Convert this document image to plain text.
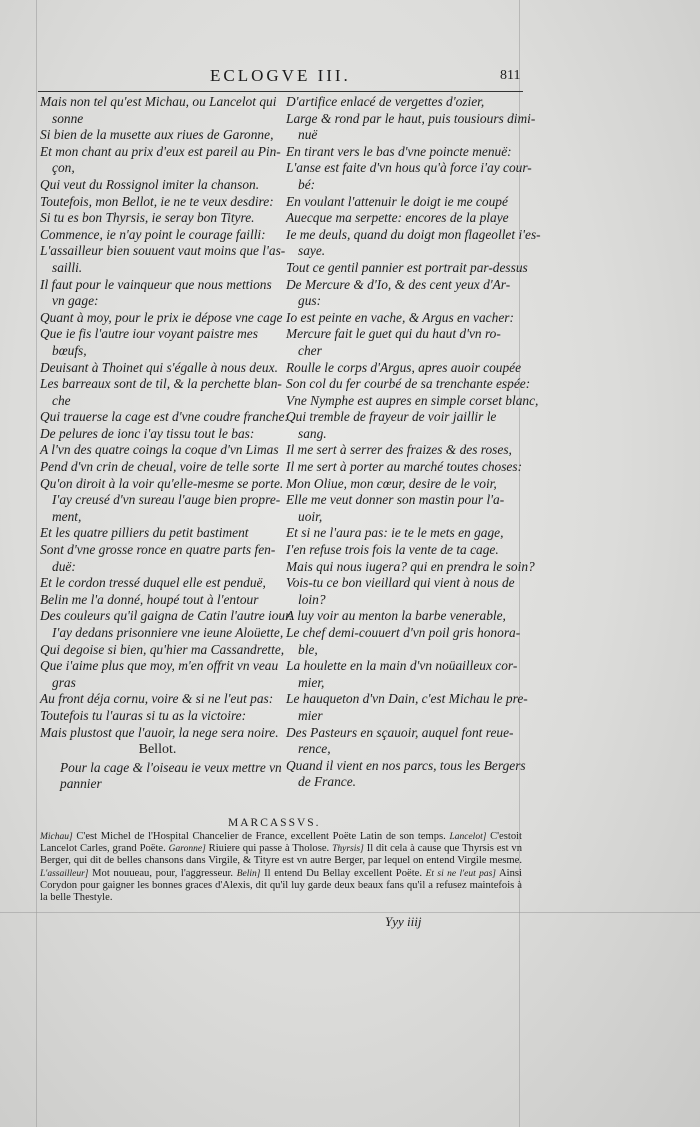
ECLOGVE III.	811
Mais non tel qu'est Michau, ou Lancelot qui
sonne
Si bien de la musette aux riues de Garonne,
Et mon chant au prix d'eux est pareil au Pin-
çon,
Qui veut du Rossignol imiter la chanson.
Toutefois, mon Bellot, ie ne te veux desdire:
Si tu es bon Thyrsis, ie seray bon Tityre.
Commence, ie n'ay point le courage failli:
L'assailleur bien souuent vaut moins que l'as-
sailli.
Il faut pour le vainqueur que nous mettions
vn gage:
Quant à moy, pour le prix ie dépose vne cage
Que ie fis l'autre iour voyant paistre mes
bœufs,
Deuisant à Thoinet qui s'égalle à nous deux.
Les barreaux sont de til, & la perchette blan-
che
Qui trauerse la cage est d'vne coudre franche:
De pelures de ionc i'ay tissu tout le bas:
A l'vn des quatre coings la coque d'vn Limas
Pend d'vn crin de cheual, voire de telle sorte
Qu'on diroit à la voir qu'elle-mesme se porte.
I'ay creusé d'vn sureau l'auge bien propre-
ment,
Et les quatre pilliers du petit bastiment
Sont d'vne grosse ronce en quatre parts fen-
duë:
Et le cordon tressé duquel elle est penduë,
Belin me l'a donné, houpé tout à l'entour
Des couleurs qu'il gaigna de Catin l'autre iour.
I'ay dedans prisonniere vne ieune Aloüette,
Qui degoise si bien, qu'hier ma Cassandrette,
Que i'aime plus que moy, m'en offrit vn veau
gras
Au front déja cornu, voire & si ne l'eut pas:
Toutefois tu l'auras si tu as la victoire:
Mais plustost que l'auoir, la nege sera noire.
Bellot.
Pour la cage & l'oiseau ie veux mettre vn
pannier
D'artifice enlacé de vergettes d'ozier,
Large & rond par le haut, puis tousiours dimi-
nuë
En tirant vers le bas d'vne poincte menuë:
L'anse est faite d'vn hous qu'à force i'ay cour-
bé:
En voulant l'attenuir le doigt ie me coupé
Auecque ma serpette: encores de la playe
Ie me deuls, quand du doigt mon flageollet i'es-
saye.
Tout ce gentil pannier est portrait par-dessus
De Mercure & d'Io, & des cent yeux d'Ar-
gus:
Io est peinte en vache, & Argus en vacher:
Mercure fait le guet qui du haut d'vn ro-
cher
Roulle le corps d'Argus, apres auoir coupée
Son col du fer courbé de sa trenchante espée:
Vne Nymphe est aupres en simple corset blanc,
Qui tremble de frayeur de voir jaillir le
sang.
Il me sert à serrer des fraizes & des roses,
Il me sert à porter au marché toutes choses:
Mon Oliue, mon cœur, desire de le voir,
Elle me veut donner son mastin pour l'a-
uoir,
Et si ne l'aura pas: ie te le mets en gage,
I'en refuse trois fois la vente de ta cage.
Mais qui nous iugera? qui en prendra le soin?
Vois-tu ce bon vieillard qui vient à nous de
loin?
A luy voir au menton la barbe venerable,
Le chef demi-couuert d'vn poil gris honora-
ble,
La houlette en la main d'vn noüailleux cor-
mier,
Le hauqueton d'vn Dain, c'est Michau le pre-
mier
Des Pasteurs en sçauoir, auquel font reue-
rence,
Quand il vient en nos parcs, tous les Bergers
de France.
MARCASSVS.

Michau] C'est Michel de l'Hospital Chancelier de France, excellent Poëte Latin de son temps. Lancelot] C'estoit Lancelot Carles, grand Poëte. Garonne] Riuiere qui passe à Tholose. Thyrsis] Il dit cela à cause que Thyrsis est vn Berger, qui dit de belles chansons dans Virgile, & Tityre est vn autre Berger, par lequel on entend Virgile mesme. L'assailleur] Mot nouueau, pour, l'aggresseur. Belin] Il entend Du Bellay excellent Poëte. Et si ne l'eut pas] Ainsi Corydon pour gaigner les bonnes graces d'Alexis, dit qu'il luy garde deux beaux fans qu'il a refusez maintefois à la belle Thestyle.

Yyy iiij
